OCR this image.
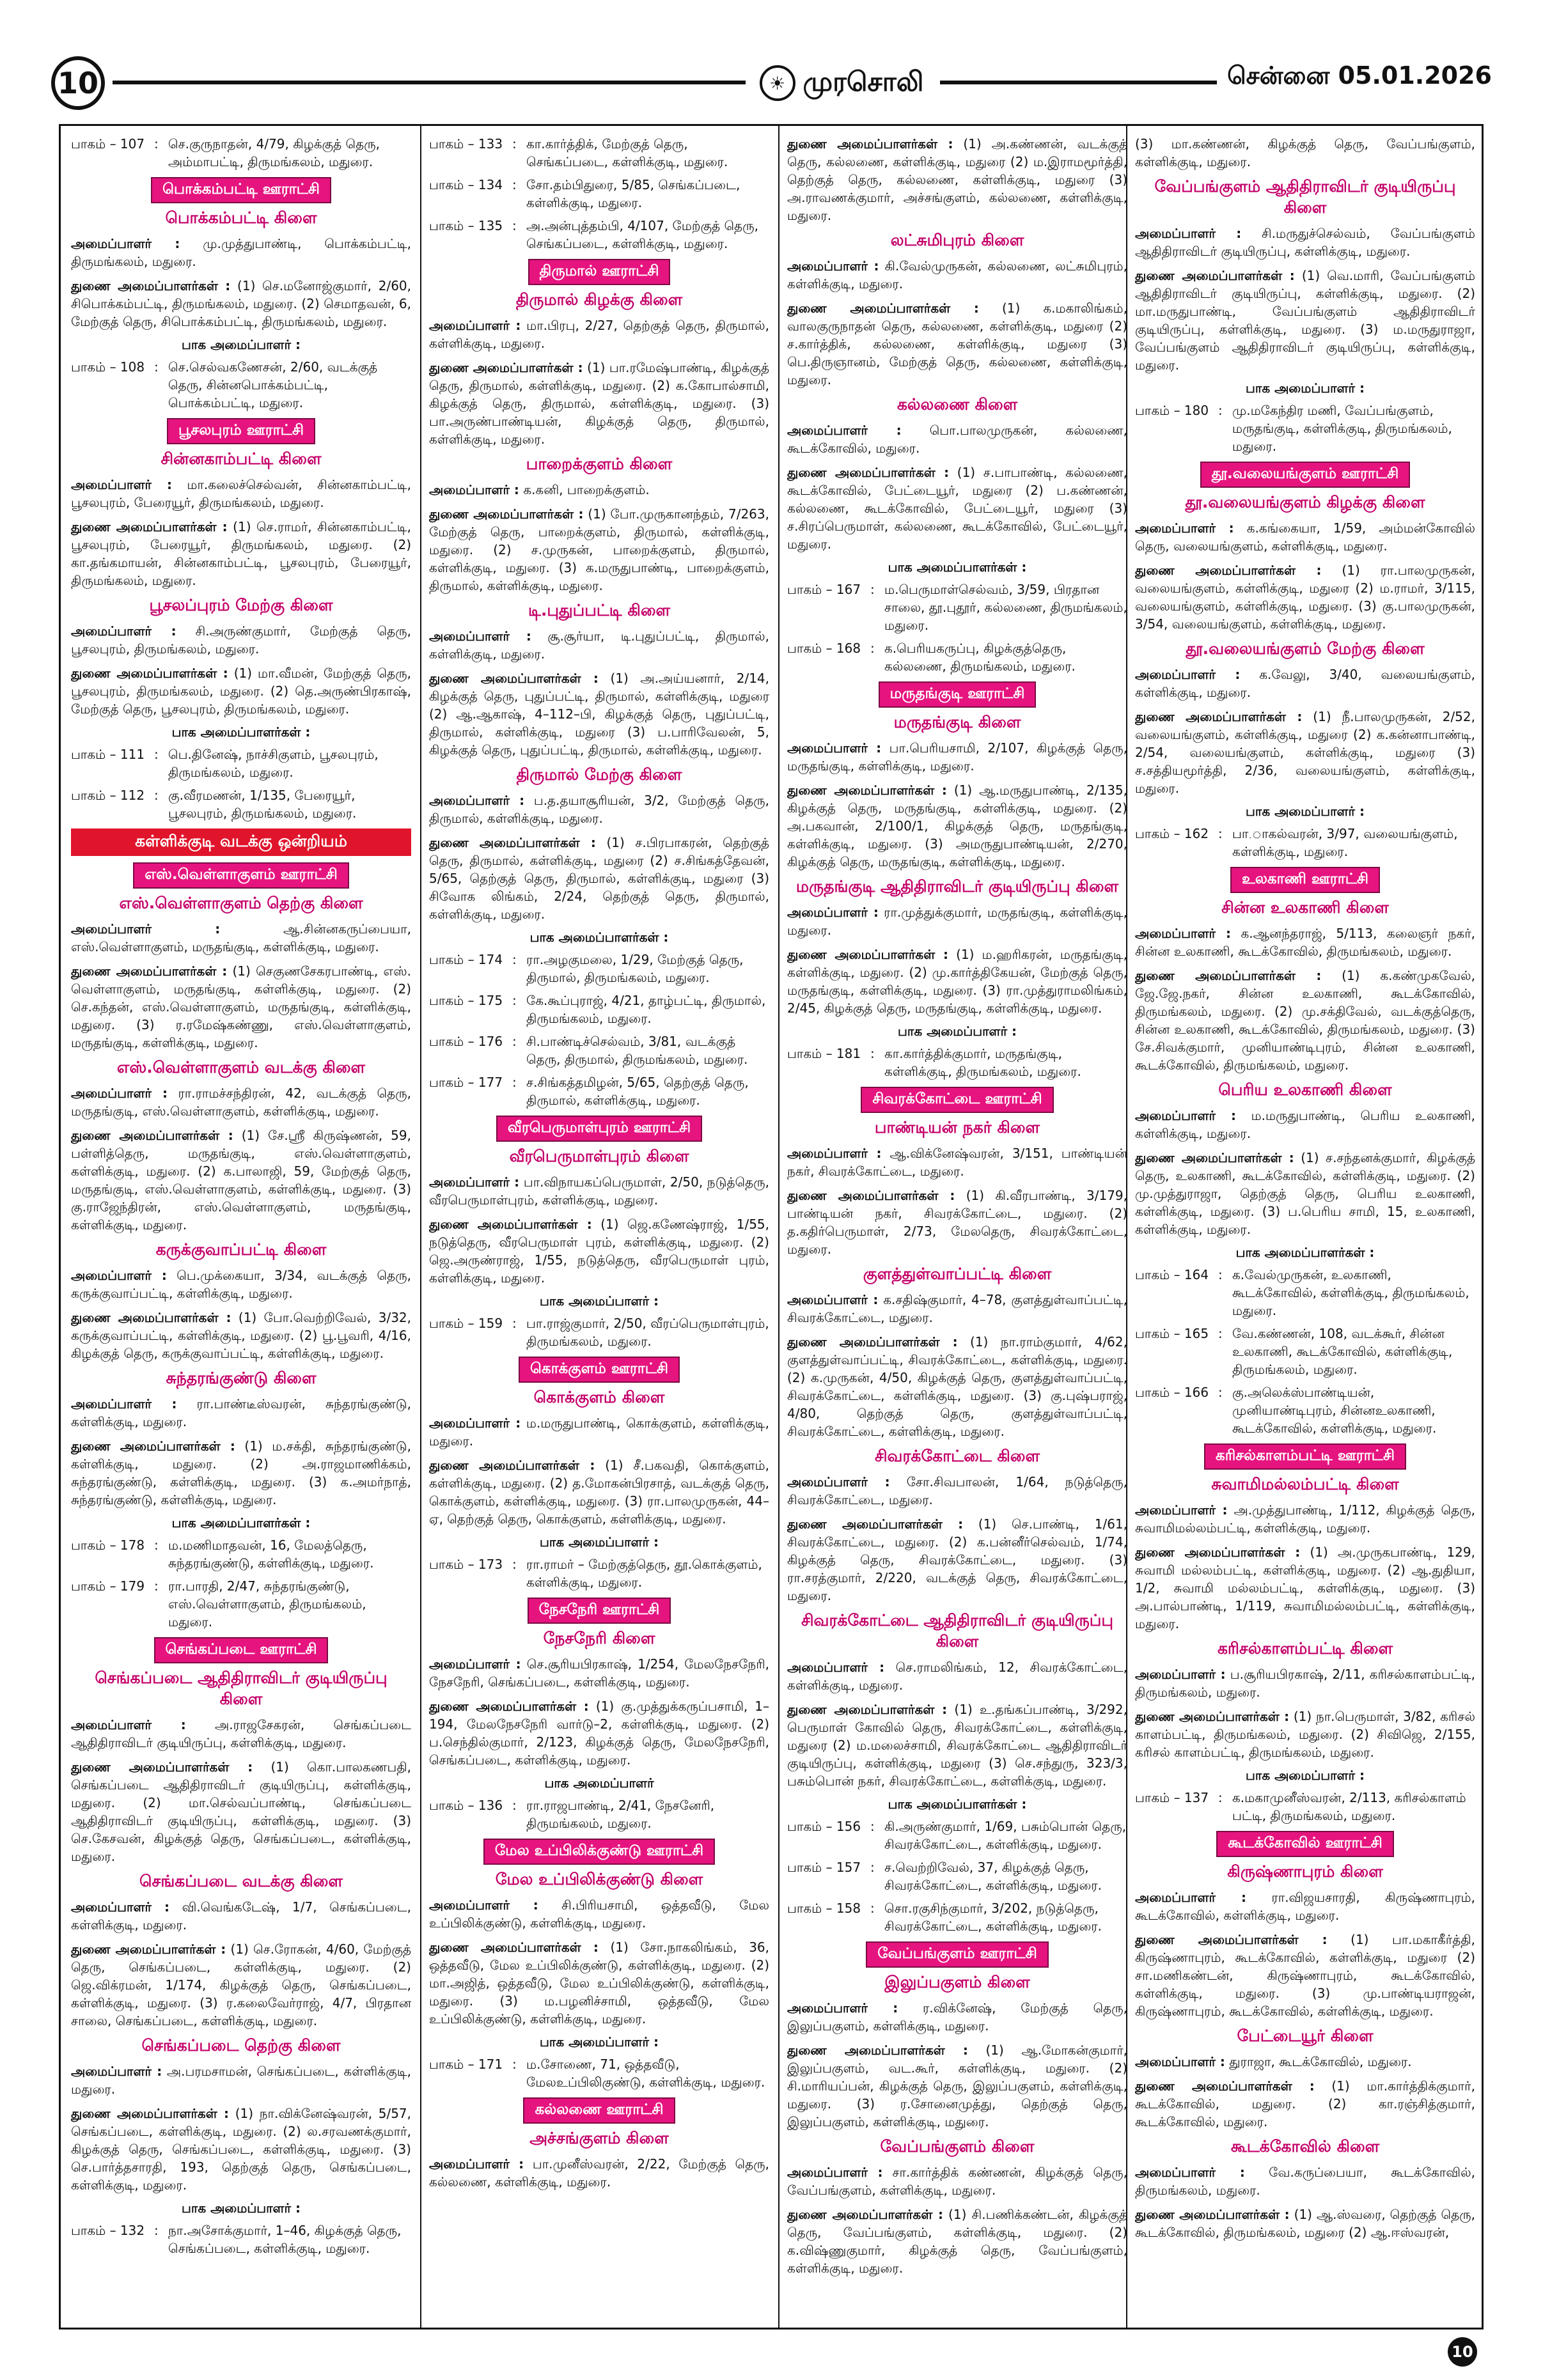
10	☀ முரசொலி	சென்னை 05.01.2026
பாகம் – 107 : செ.குருநாதன், 4/79, கிழக்குத் தெரு, அம்மாபட்டி, திருமங்கலம், மதுரை.
பொக்கம்பட்டி ஊராட்சி
பொக்கம்பட்டி கிளை

அமைப்பாளர் : மு.முத்துபாண்டி, பொக்கம்பட்டி, திருமங்கலம், மதுரை.

துணை அமைப்பாளர்கள் : (1) செ.மனோஜ்குமார், 2/60, சிபொக்கம்பட்டி, திருமங்கலம், மதுரை. (2) செமாதவன், 6, மேற்குத் தெரு, சிபொக்கம்பட்டி, திருமங்கலம், மதுரை.

பாக அமைப்பாளர் :
பாகம் – 108 : செ.செல்வகணேசன், 2/60, வடக்குத் தெரு, சின்னபொக்கம்பட்டி, பொக்கம்பட்டி, மதுரை.
பூசலபுரம் ஊராட்சி
சின்னகாம்பட்டி கிளை

அமைப்பாளர் : மா.கலைச்செல்வன், சின்னகாம்பட்டி, பூசலபுரம், பேரையூர், திருமங்கலம், மதுரை.

துணை அமைப்பாளர்கள் : (1) செ.ராமர், சின்னகாம்பட்டி, பூசலபுரம், பேரையூர், திருமங்கலம், மதுரை. (2) கா.தங்கமாயன், சின்னகாம்பட்டி, பூசலபுரம், பேரையூர், திருமங்கலம், மதுரை.

பூசலப்புரம் மேற்கு கிளை

அமைப்பாளர் : சி.அருண்குமார், மேற்குத் தெரு, பூசலபுரம், திருமங்கலம், மதுரை.

துணை அமைப்பாளர்கள் : (1) மா.வீமன், மேற்குத் தெரு, பூசலபுரம், திருமங்கலம், மதுரை. (2) தெ.அருண்பிரகாஷ், மேற்குத் தெரு, பூசலபுரம், திருமங்கலம், மதுரை.

பாக அமைப்பாளர்கள் :
பாகம் – 111 : பெ.தினேஷ், நாச்சிகுளம், பூசலபுரம், திருமங்கலம், மதுரை.
பாகம் – 112 : கு.வீரமணன், 1/135, பேரையூர், பூசலபுரம், திருமங்கலம், மதுரை.
கள்ளிக்குடி வடக்கு ஒன்றியம்
எஸ்.வெள்ளாகுளம் ஊராட்சி
எஸ்.வெள்ளாகுளம் தெற்கு கிளை

அமைப்பாளர் :	ஆ.சின்னகருப்பையா, எஸ்.வெள்ளாகுளம், மருதங்குடி, கள்ளிக்குடி, மதுரை.

துணை அமைப்பாளர்கள் : (1) செகுணசேகரபாண்டி, எஸ். வெள்ளாகுளம், மருதங்குடி, கள்ளிக்குடி, மதுரை. (2) செ.கந்தன், எஸ்.வெள்ளாகுளம், மருதங்குடி, கள்ளிக்குடி, மதுரை. (3) ர.ரமேஷ்கண்ணு, எஸ்.வெள்ளாகுளம், மருதங்குடி, கள்ளிக்குடி, மதுரை.

எஸ்.வெள்ளாகுளம் வடக்கு கிளை

அமைப்பாளர் : ரா.ராமச்சந்திரன், 42, வடக்குத் தெரு, மருதங்குடி, எஸ்.வெள்ளாகுளம், கள்ளிக்குடி, மதுரை.

துணை அமைப்பாளர்கள் : (1) சே.ஸ்ரீ கிருஷ்ணன், 59, பள்ளித்தெரு, மருதங்குடி, எஸ்.வெள்ளாகுளம், கள்ளிக்குடி, மதுரை. (2) க.பாலாஜி, 59, மேற்குத் தெரு, மருதங்குடி, எஸ்.வெள்ளாகுளம், கள்ளிக்குடி, மதுரை. (3) கு.ராஜேந்திரன், எஸ்.வெள்ளாகுளம், மருதங்குடி, கள்ளிக்குடி, மதுரை.

கருக்குவாப்பட்டி கிளை

அமைப்பாளர் : பெ.முக்கையா, 3/34, வடக்குத் தெரு, கருக்குவாப்பட்டி, கள்ளிக்குடி, மதுரை.

துணை அமைப்பாளர்கள் : (1) போ.வெற்றிவேல், 3/32, கருக்குவாப்பட்டி, கள்ளிக்குடி, மதுரை. (2) பூ.பூவரி, 4/16, கிழக்குத் தெரு, கருக்குவாப்பட்டி, கள்ளிக்குடி, மதுரை.

சுந்தரங்குண்டு கிளை

அமைப்பாளர் : ரா.பாண்டீஸ்வரன், சுந்தரங்குண்டு, கள்ளிக்குடி, மதுரை.

துணை அமைப்பாளர்கள் : (1) ம.சக்தி, சுந்தரங்குண்டு, கள்ளிக்குடி, மதுரை. (2) அ.ராஜமாணிக்கம், சுந்தரங்குண்டு, கள்ளிக்குடி, மதுரை. (3) க.அமர்நாத், சுந்தரங்குண்டு, கள்ளிக்குடி, மதுரை.

பாக அமைப்பாளர்கள் :
பாகம் – 178 : ம.மணிமாதவன், 16, மேலத்தெரு, சுந்தரங்குண்டு, கள்ளிக்குடி, மதுரை.
பாகம் – 179 : ரா.பாரதி, 2/47, சுந்தரங்குண்டு, எஸ்.வெள்ளாகுளம், திருமங்கலம், மதுரை.
செங்கப்படை ஊராட்சி
செங்கப்படை ஆதிதிராவிடர் குடியிருப்பு கிளை

அமைப்பாளர் : அ.ராஜசேகரன், செங்கப்படை ஆதிதிராவிடர் குடியிருப்பு, கள்ளிக்குடி, மதுரை.

துணை அமைப்பாளர்கள் : (1) கொ.பாலகணபதி, செங்கப்படை ஆதிதிராவிடர் குடியிருப்பு, கள்ளிக்குடி, மதுரை. (2) மா.செல்வப்பாண்டி, செங்கப்படை ஆதிதிராவிடர் குடியிருப்பு, கள்ளிக்குடி, மதுரை. (3) செ.கேசவன், கிழக்குத் தெரு, செங்கப்படை, கள்ளிக்குடி, மதுரை.

செங்கப்படை வடக்கு கிளை

அமைப்பாளர் : வி.வெங்கடேஷ், 1/7, செங்கப்படை, கள்ளிக்குடி, மதுரை.

துணை அமைப்பாளர்கள் : (1) செ.ரோகன், 4/60, மேற்குத் தெரு, செங்கப்படை, கள்ளிக்குடி, மதுரை. (2) ஜெ.விக்ரமன், 1/174, கிழக்குத் தெரு, செங்கப்படை, கள்ளிக்குடி, மதுரை. (3) ர.கலைவேர்ராஜ், 4/7, பிரதான சாலை, செங்கப்படை, கள்ளிக்குடி, மதுரை.

செங்கப்படை தெற்கு கிளை

அமைப்பாளர் : அ.பரமசாமன், செங்கப்படை, கள்ளிக்குடி, மதுரை.

துணை அமைப்பாளர்கள் : (1) நா.விக்னேஷ்வரன், 5/57, செங்கப்படை, கள்ளிக்குடி, மதுரை. (2) ல.சரவணக்குமார், கிழக்குத் தெரு, செங்கப்படை, கள்ளிக்குடி, மதுரை. (3) செ.பார்த்தசாரதி, 193, தெற்குத் தெரு, செங்கப்படை, கள்ளிக்குடி, மதுரை.

பாக அமைப்பாளர் :
பாகம் – 132 : நா.அசோக்குமார், 1–46, கிழக்குத் தெரு, செங்கப்படை, கள்ளிக்குடி, மதுரை.
பாகம் – 133 : கா.கார்த்திக், மேற்குத் தெரு, செங்கப்படை, கள்ளிக்குடி, மதுரை.
பாகம் – 134 : சோ.தம்பிதுரை, 5/85, செங்கப்படை, கள்ளிக்குடி, மதுரை.
பாகம் – 135 : அ.அன்புத்தம்பி, 4/107, மேற்குத் தெரு, செங்கப்படை, கள்ளிக்குடி, மதுரை.
திருமால் ஊராட்சி
திருமால் கிழக்கு கிளை

அமைப்பாளர் : மா.பிரபு, 2/27, தெற்குத் தெரு, திருமால், கள்ளிக்குடி, மதுரை.

துணை அமைப்பாளர்கள் : (1) பா.ரமேஷ்பாண்டி, கிழக்குத் தெரு, திருமால், கள்ளிக்குடி, மதுரை. (2) க.கோபால்சாமி, கிழக்குத் தெரு, திருமால், கள்ளிக்குடி, மதுரை. (3) பா.அருண்பாண்டியன், கிழக்குத் தெரு, திருமால், கள்ளிக்குடி, மதுரை.

பாறைக்குளம் கிளை

அமைப்பாளர் : க.கனி, பாறைக்குளம்.

துணை அமைப்பாளர்கள் : (1) போ.முருகானந்தம், 7/263, மேற்குத் தெரு, பாறைக்குளம், திருமால், கள்ளிக்குடி, மதுரை. (2) ச.முருகன், பாறைக்குளம், திருமால், கள்ளிக்குடி, மதுரை. (3) க.மருதுபாண்டி, பாறைக்குளம், திருமால், கள்ளிக்குடி, மதுரை.

டி.புதுப்பட்டி கிளை

அமைப்பாளர் : சூ.சூர்யா, டி.புதுப்பட்டி, திருமால், கள்ளிக்குடி, மதுரை.

துணை அமைப்பாளர்கள் : (1) அ.அய்யனார், 2/14, கிழக்குத் தெரு, புதுப்பட்டி, திருமால், கள்ளிக்குடி, மதுரை (2) ஆ.ஆகாஷ், 4–112–பி, கிழக்குத் தெரு, புதுப்பட்டி, திருமால், கள்ளிக்குடி, மதுரை (3) ப.பாரிவேலன், 5, கிழக்குத் தெரு, புதுப்பட்டி, திருமால், கள்ளிக்குடி, மதுரை.

திருமால் மேற்கு கிளை

அமைப்பாளர் : ப.த.தயாசூரியன், 3/2, மேற்குத் தெரு, திருமால், கள்ளிக்குடி, மதுரை.

துணை அமைப்பாளர்கள் : (1) ச.பிரபாகரன், தெற்குத் தெரு, திருமால், கள்ளிக்குடி, மதுரை (2) ச.சிங்கத்தேவன், 5/65, தெற்குத் தெரு, திருமால், கள்ளிக்குடி, மதுரை (3) சிவோக லிங்கம், 2/24, தெற்குத் தெரு, திருமால், கள்ளிக்குடி, மதுரை.

பாக அமைப்பாளர்கள் :
பாகம் – 174 : ரா.அழகுமலை, 1/29, மேற்குத் தெரு, திருமால், திருமங்கலம், மதுரை.
பாகம் – 175 : கே.கூப்புராஜ், 4/21, தாழ்பட்டி, திருமால், திருமங்கலம், மதுரை.
பாகம் – 176 : சி.பாண்டிச்செல்வம், 3/81, வடக்குத் தெரு, திருமால், திருமங்கலம், மதுரை.
பாகம் – 177 : ச.சிங்கத்தமிழன், 5/65, தெற்குத் தெரு, திருமால், கள்ளிக்குடி, மதுரை.
வீரபெருமாள்புரம் ஊராட்சி
வீரபெருமாள்புரம் கிளை

அமைப்பாளர் : பா.விநாயகப்பெருமாள், 2/50, நடுத்தெரு, வீரபெருமாள்புரம், கள்ளிக்குடி, மதுரை.

துணை அமைப்பாளர்கள் : (1) ஜெ.கணேஷ்ராஜ், 1/55, நடுத்தெரு, வீரபெருமாள் புரம், கள்ளிக்குடி, மதுரை. (2) ஜெ.அருண்ராஜ், 1/55, நடுத்தெரு, வீரபெருமாள் புரம், கள்ளிக்குடி, மதுரை.

பாக அமைப்பாளர் :
பாகம் – 159 : பா.ராஜ்குமார், 2/50, வீரப்பெருமாள்புரம், திருமங்கலம், மதுரை.
கொக்குளம் ஊராட்சி
கொக்குளம் கிளை

அமைப்பாளர் : ம.மருதுபாண்டி, கொக்குளம், கள்ளிக்குடி, மதுரை.

துணை அமைப்பாளர்கள் : (1) சீ.பகவதி, கொக்குளம், கள்ளிக்குடி, மதுரை. (2) த.மோகன்பிரசாத், வடக்குத் தெரு, கொக்குளம், கள்ளிக்குடி, மதுரை. (3) ரா.பாலமுருகன், 44–ஏ, தெற்குத் தெரு, கொக்குளம், கள்ளிக்குடி, மதுரை.

பாக அமைப்பாளர் :
பாகம் – 173 : ரா.ராமர் – மேற்குத்தெரு, தூ.கொக்குளம், கள்ளிக்குடி, மதுரை.
நேசநேரி ஊராட்சி
நேசநேரி கிளை

அமைப்பாளர் : செ.சூரியபிரகாஷ், 1/254, மேலநேசநேரி, நேசநேரி, செங்கப்படை, கள்ளிக்குடி, மதுரை.

துணை அமைப்பாளர்கள் : (1) கு.முத்துக்கருப்பசாமி, 1–194, மேலநேசநேரி வார்டு–2, கள்ளிக்குடி, மதுரை. (2) ப.செந்தில்குமார், 2/123, கிழக்குத் தெரு, மேலநேசநேரி, செங்கப்படை, கள்ளிக்குடி, மதுரை.

பாக அமைப்பாளர்
பாகம் – 136 : ரா.ராஜபாண்டி, 2/41, நேசனேரி, திருமங்கலம், மதுரை.
மேல உப்பிலிக்குண்டு ஊராட்சி
மேல உப்பிலிக்குண்டு கிளை

அமைப்பாளர் : சி.பிரியசாமி, ஒத்தவீடு, மேல உப்பிலிக்குண்டு, கள்ளிக்குடி, மதுரை.

துணை அமைப்பாளர்கள் : (1) சோ.நாகலிங்கம், 36, ஒத்தவீடு, மேல உப்பிலிக்குண்டு, கள்ளிக்குடி, மதுரை. (2) மா.அஜித், ஒத்தவீடு, மேல உப்பிலிக்குண்டு, கள்ளிக்குடி, மதுரை. (3) ம.பழனிச்சாமி, ஒத்தவீடு, மேல உப்பிலிக்குண்டு, கள்ளிக்குடி, மதுரை.

பாக அமைப்பாளர் :
பாகம் – 171 : ம.சோணை, 71, ஒத்தவீடு, மேலஉப்பிலிகுண்டு, கள்ளிக்குடி, மதுரை.
கல்லணை ஊராட்சி
அச்சங்குளம் கிளை

அமைப்பாளர் : பா.முனீஸ்வரன், 2/22, மேற்குத் தெரு, கல்லணை, கள்ளிக்குடி, மதுரை.

துணை அமைப்பாளர்கள் : (1) அ.கண்ணன், வடக்குத் தெரு, கல்லணை, கள்ளிக்குடி, மதுரை (2) ம.இராமமூர்த்தி, தெற்குத் தெரு, கல்லணை, கள்ளிக்குடி, மதுரை (3) அ.ராவணக்குமார், அச்சங்குளம், கல்லணை, கள்ளிக்குடி, மதுரை.

லட்சுமிபுரம் கிளை

அமைப்பாளர் : கி.வேல்முருகன், கல்லணை, லட்சுமிபுரம், கள்ளிக்குடி, மதுரை.

துணை அமைப்பாளர்கள் : (1) க.மகாலிங்கம், வாலகுருநாதன் தெரு, கல்லணை, கள்ளிக்குடி, மதுரை (2) ச.கார்த்திக், கல்லணை, கள்ளிக்குடி, மதுரை (3) பெ.திருஞானம், மேற்குத் தெரு, கல்லணை, கள்ளிக்குடி, மதுரை.

கல்லணை கிளை

அமைப்பாளர் : பொ.பாலமுருகன், கல்லணை, கூடக்கோவில், மதுரை.

துணை அமைப்பாளர்கள் : (1) ச.பாபாண்டி, கல்லணை, கூடக்கோவில், பேட்டையூர், மதுரை (2) ப.கண்ணன், கல்லணை, கூடக்கோவில், பேட்டையூர், மதுரை (3) ச.சிரப்பெருமாள், கல்லணை, கூடக்கோவில், பேட்டையூர், மதுரை.

பாக அமைப்பாளர்கள் :
பாகம் – 167 : ம.பெருமாள்செல்வம், 3/59, பிரதான சாலை, தூ.புதூர், கல்லணை, திருமங்கலம், மதுரை.
பாகம் – 168 : க.பெரியகருப்பு, கிழக்குத்தெரு, கல்லணை, திருமங்கலம், மதுரை.
மருதங்குடி ஊராட்சி
மருதங்குடி கிளை

அமைப்பாளர் : பா.பெரியசாமி, 2/107, கிழக்குத் தெரு, மருதங்குடி, கள்ளிக்குடி, மதுரை.

துணை அமைப்பாளர்கள் : (1) ஆ.மருதுபாண்டி, 2/135, கிழக்குத் தெரு, மருதங்குடி, கள்ளிக்குடி, மதுரை. (2) அ.பகவான், 2/100/1, கிழக்குத் தெரு, மருதங்குடி, கள்ளிக்குடி, மதுரை. (3) அமருதுபாண்டியன், 2/270, கிழக்குத் தெரு, மருதங்குடி, கள்ளிக்குடி, மதுரை.

மருதங்குடி ஆதிதிராவிடர் குடியிருப்பு கிளை

அமைப்பாளர் : ரா.முத்துக்குமார், மருதங்குடி, கள்ளிக்குடி, மதுரை.

துணை அமைப்பாளர்கள் : (1) ம.ஹரிகரன், மருதங்குடி, கள்ளிக்குடி, மதுரை. (2) மு.கார்த்திகேயன், மேற்குத் தெரு, மருதங்குடி, கள்ளிக்குடி, மதுரை. (3) ரா.முத்துராமலிங்கம், 2/45, கிழக்குத் தெரு, மருதங்குடி, கள்ளிக்குடி, மதுரை.

பாக அமைப்பாளர் :
பாகம் – 181 : கா.கார்த்திக்குமார், மருதங்குடி, கள்ளிக்குடி, திருமங்கலம், மதுரை.
சிவரக்கோட்டை ஊராட்சி
பாண்டியன் நகர் கிளை

அமைப்பாளர் : ஆ.விக்னேஷ்வரன், 3/151, பாண்டியன் நகர், சிவரக்கோட்டை, மதுரை.

துணை அமைப்பாளர்கள் : (1) கி.வீரபாண்டி, 3/179, பாண்டியன் நகர், சிவரக்கோட்டை, மதுரை. (2) த.கதிர்பெருமாள், 2/73, மேலதெரு, சிவரக்கோட்டை, மதுரை.

குளத்துள்வாப்பட்டி கிளை

அமைப்பாளர் : க.சதிஷ்குமார், 4–78, குளத்துள்வாப்பட்டி, சிவரக்கோட்டை, மதுரை.

துணை அமைப்பாளர்கள் : (1) நா.ராம்குமார், 4/62, குளத்துள்வாப்பட்டி, சிவரக்கோட்டை, கள்ளிக்குடி, மதுரை. (2) க.முருகன், 4/50, கிழக்குத் தெரு, குளத்துள்வாப்பட்டி, சிவரக்கோட்டை, கள்ளிக்குடி, மதுரை. (3) கு.புஷ்பராஜ், 4/80, தெற்குத் தெரு, குளத்துள்வாப்பட்டி, சிவரக்கோட்டை, கள்ளிக்குடி, மதுரை.

சிவரக்கோட்டை கிளை

அமைப்பாளர் : சோ.சிவபாலன், 1/64, நடுத்தெரு, சிவரக்கோட்டை, மதுரை.

துணை அமைப்பாளர்கள் : (1) செ.பாண்டி, 1/61, சிவரக்கோட்டை, மதுரை. (2) க.பன்னீர்செல்வம், 1/74, கிழக்குத் தெரு, சிவரக்கோட்டை, மதுரை. (3) ரா.சரத்குமார், 2/220, வடக்குத் தெரு, சிவரக்கோட்டை, மதுரை.

சிவரக்கோட்டை ஆதிதிராவிடர் குடியிருப்பு கிளை

அமைப்பாளர் : செ.ராமலிங்கம், 12, சிவரக்கோட்டை, கள்ளிக்குடி, மதுரை.

துணை அமைப்பாளர்கள் : (1) உ.தங்கப்பாண்டி, 3/292, பெருமாள் கோவில் தெரு, சிவரக்கோட்டை, கள்ளிக்குடி, மதுரை (2) ம.மலைச்சாமி, சிவரக்கோட்டை ஆதிதிராவிடர் குடியிருப்பு, கள்ளிக்குடி, மதுரை (3) செ.சந்துரு, 323/3, பசும்பொன் நகர், சிவரக்கோட்டை, கள்ளிக்குடி, மதுரை.

பாக அமைப்பாளர்கள் :
பாகம் – 156 : கி.அருண்குமார், 1/69, பசும்பொன் தெரு, சிவரக்கோட்டை, கள்ளிக்குடி, மதுரை.
பாகம் – 157 : ச.வெற்றிவேல், 37, கிழக்குத் தெரு, சிவரக்கோட்டை, கள்ளிக்குடி, மதுரை.
பாகம் – 158 : சொ.ரகுசிந்குமார், 3/202, நடுத்தெரு, சிவரக்கோட்டை, கள்ளிக்குடி, மதுரை.
வேப்பங்குளம் ஊராட்சி
இலுப்பகுளம் கிளை

அமைப்பாளர் : ர.விக்னேஷ், மேற்குத் தெரு, இலுப்பகுளம், கள்ளிக்குடி, மதுரை.

துணை அமைப்பாளர்கள் : (1) ஆ.மோகன்குமார், இலுப்பகுளம், வட.கூர், கள்ளிக்குடி, மதுரை. (2) சி.மாரியப்பன், கிழக்குத் தெரு, இலுப்பகுளம், கள்ளிக்குடி, மதுரை. (3) ர.சோனைமுத்து, தெற்குத் தெரு, இலுப்பகுளம், கள்ளிக்குடி, மதுரை.

வேப்பங்குளம் கிளை

அமைப்பாளர் : சா.கார்த்திக் கண்ணன், கிழக்குத் தெரு, வேப்பங்குளம், கள்ளிக்குடி, மதுரை.

துணை அமைப்பாளர்கள் : (1) சி.பணிக்கண்டன், கிழக்குத் தெரு, வேப்பங்குளம், கள்ளிக்குடி, மதுரை. (2) க.விஷ்ணுகுமார், கிழக்குத் தெரு, வேப்பங்குளம், கள்ளிக்குடி, மதுரை.

(3) மா.கண்ணன், கிழக்குத் தெரு, வேப்பங்குளம், கள்ளிக்குடி, மதுரை.

வேப்பங்குளம் ஆதிதிராவிடர் குடியிருப்பு கிளை

அமைப்பாளர் : சி.மருதுச்செல்வம், வேப்பங்குளம் ஆதிதிராவிடர் குடியிருப்பு, கள்ளிக்குடி, மதுரை.

துணை அமைப்பாளர்கள் : (1) வெ.மாரி, வேப்பங்குளம் ஆதிதிராவிடர் குடியிருப்பு, கள்ளிக்குடி, மதுரை. (2) மா.மருதுபாண்டி, வேப்பங்குளம் ஆதிதிராவிடர் குடியிருப்பு, கள்ளிக்குடி, மதுரை. (3) ம.மருதுராஜா, வேப்பங்குளம் ஆதிதிராவிடர் குடியிருப்பு, கள்ளிக்குடி, மதுரை.

பாக அமைப்பாளர் :
பாகம் – 180 : மு.மகேந்திர மணி, வேப்பங்குளம், மருதங்குடி, கள்ளிக்குடி, திருமங்கலம், மதுரை.
தூ.வலையங்குளம் ஊராட்சி
தூ.வலையங்குளம் கிழக்கு கிளை

அமைப்பாளர் : க.கங்கையா, 1/59, அம்மன்கோவில் தெரு, வலையங்குளம், கள்ளிக்குடி, மதுரை.

துணை அமைப்பாளர்கள் : (1) ரா.பாலமுருகன், வலையங்குளம், கள்ளிக்குடி, மதுரை (2) ம.ராமர், 3/115, வலையங்குளம், கள்ளிக்குடி, மதுரை. (3) கு.பாலமுருகன், 3/54, வலையங்குளம், கள்ளிக்குடி, மதுரை.

தூ.வலையங்குளம் மேற்கு கிளை

அமைப்பாளர் : க.வேலு, 3/40, வலையங்குளம், கள்ளிக்குடி, மதுரை.

துணை அமைப்பாளர்கள் : (1) நீ.பாலமுருகன், 2/52, வலையங்குளம், கள்ளிக்குடி, மதுரை (2) க.கன்னாபாண்டி, 2/54, வலையங்குளம், கள்ளிக்குடி, மதுரை (3) ச.சத்தியமூர்த்தி, 2/36, வலையங்குளம், கள்ளிக்குடி, மதுரை.

பாக அமைப்பாளர் :
பாகம் – 162 : பா.ாகல்வரன், 3/97, வலையங்குளம், கள்ளிக்குடி, மதுரை.
உலகாணி ஊராட்சி
சின்ன உலகாணி கிளை

அமைப்பாளர் : க.ஆனந்தராஜ், 5/113, கலைஞர் நகர், சின்ன உலகாணி, கூடக்கோவில், திருமங்கலம், மதுரை.

துணை அமைப்பாளர்கள் : (1) க.கண்முகவேல், ஜே.ஜே.நகர், சின்ன உலகாணி, கூடக்கோவில், திருமங்கலம், மதுரை. (2) மு.சக்திவேல், வடக்குத்தெரு, சின்ன உலகாணி, கூடக்கோவில், திருமங்கலம், மதுரை. (3) சே.சிவக்குமார், முனியாண்டிபுரம், சின்ன உலகாணி, கூடக்கோவில், திருமங்கலம், மதுரை.

பெரிய உலகாணி கிளை

அமைப்பாளர் : ம.மருதுபாண்டி, பெரிய உலகாணி, கள்ளிக்குடி, மதுரை.

துணை அமைப்பாளர்கள் : (1) ச.சந்தனக்குமார், கிழக்குத் தெரு, உலகாணி, கூடக்கோவில், கள்ளிக்குடி, மதுரை. (2) மு.முத்துராஜா, தெற்குத் தெரு, பெரிய உலகாணி, கள்ளிக்குடி, மதுரை. (3) ப.பெரிய சாமி, 15, உலகாணி, கள்ளிக்குடி, மதுரை.

பாக அமைப்பாளர்கள் :
பாகம் – 164 : க.வேல்முருகன், உலகாணி, கூடக்கோவில், கள்ளிக்குடி, திருமங்கலம், மதுரை.
பாகம் – 165 : வே.கண்ணன், 108, வடக்கூர், சின்ன உலகாணி, கூடக்கோவில், கள்ளிக்குடி, திருமங்கலம், மதுரை.
பாகம் – 166 : கு.அலெக்ஸ்பாண்டியன், முனியாண்டிபுரம், சின்னஉலகாணி, கூடக்கோவில், கள்ளிக்குடி, மதுரை.
கரிசல்காளம்பட்டி ஊராட்சி
சுவாமிமல்லம்பட்டி கிளை

அமைப்பாளர் : அ.முத்துபாண்டி, 1/112, கிழக்குத் தெரு, சுவாமிமல்லம்பட்டி, கள்ளிக்குடி, மதுரை.

துணை அமைப்பாளர்கள் : (1) அ.முருகபாண்டி, 129, சுவாமி மல்லம்பட்டி, கள்ளிக்குடி, மதுரை. (2) ஆ.துதியா, 1/2, சுவாமி மல்லம்பட்டி, கள்ளிக்குடி, மதுரை. (3) அ.பால்பாண்டி, 1/119, சுவாமிமல்லம்பட்டி, கள்ளிக்குடி, மதுரை.

கரிசல்காளம்பட்டி கிளை

அமைப்பாளர் : ப.சூரியபிரகாஷ், 2/11, கரிசல்காளம்பட்டி, திருமங்கலம், மதுரை.

துணை அமைப்பாளர்கள் : (1) நா.பெருமாள், 3/82, கரிசல் காளம்பட்டி, திருமங்கலம், மதுரை. (2) சிவிஜெ, 2/155, கரிசல் காளம்பட்டி, திருமங்கலம், மதுரை.

பாக அமைப்பாளர் :
பாகம் – 137 : க.மகாமுனீஸ்வரன், 2/113, கரிசல்காளம் பட்டி, திருமங்கலம், மதுரை.
கூடக்கோவில் ஊராட்சி
கிருஷ்ணாபுரம் கிளை

அமைப்பாளர் : ரா.விஜயசாரதி, கிருஷ்ணாபுரம், கூடக்கோவில், கள்ளிக்குடி, மதுரை.

துணை அமைப்பாளர்கள் : (1) பா.மகாகீர்த்தி, கிருஷ்ணாபுரம், கூடக்கோவில், கள்ளிக்குடி, மதுரை (2) சா.மணிகண்டன், கிருஷ்ணாபுரம், கூடக்கோவில், கள்ளிக்குடி, மதுரை. (3) மு.பாண்டியராஜன், கிருஷ்ணாபுரம், கூடக்கோவில், கள்ளிக்குடி, மதுரை.

பேட்டையூர் கிளை

அமைப்பாளர் : துராஜா, கூடக்கோவில், மதுரை.

துணை அமைப்பாளர்கள் : (1) மா.கார்த்திக்குமார், கூடக்கோவில், மதுரை. (2) கா.ரஞ்சித்குமார், கூடக்கோவில், மதுரை.

கூடக்கோவில் கிளை

அமைப்பாளர் : வே.கருப்பையா, கூடக்கோவில், திருமங்கலம், மதுரை.

துணை அமைப்பாளர்கள் : (1) ஆ.ஸ்வரை, தெற்குத் தெரு, கூடக்கோவில், திருமங்கலம், மதுரை (2) ஆ.ஈஸ்வரன்,

10
